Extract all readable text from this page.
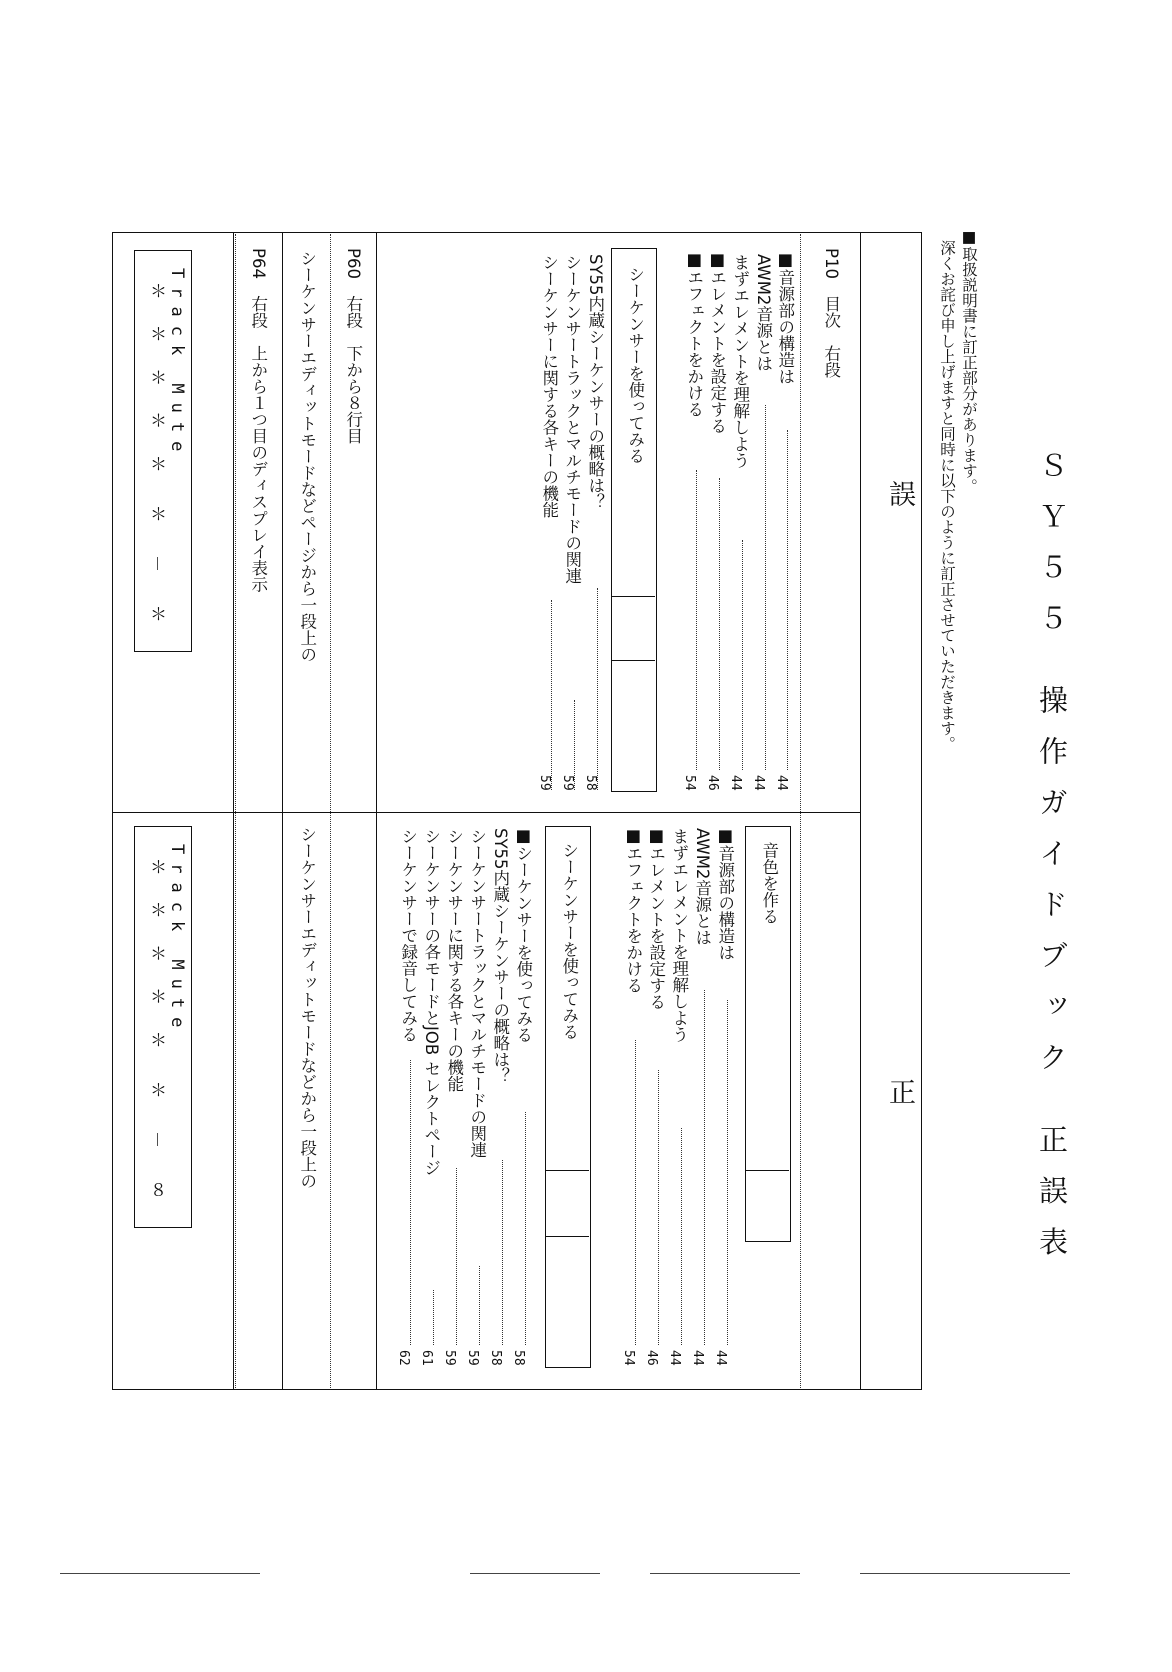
ＳＹ５５ 操作ガイドブック 正誤表
■取扱説明書に訂正部分があります。
深くお詫び申し上げますと同時に以下のように訂正させていただきます。
誤
正
P10　目次　右段
■音源部の構造は
AWM2音源とは
まずエレメントを理解しよう
■エレメントを設定する
■エフェクトをかける
44
44
44
46
54
シーケンサーを使ってみる
SY55内蔵シーケンサーの概略は？
シーケンサートラックとマルチモードの関連
シーケンサーに関する各キーの機能
58
59
59
音色を作る
■音源部の構造は
AWM2音源とは
まずエレメントを理解しよう
■エレメントを設定する
■エフェクトをかける
44
44
44
46
54
シーケンサーを使ってみる
■シーケンサーを使ってみる
SY55内蔵シーケンサーの概略は？
シーケンサートラックとマルチモードの関連
シーケンサーに関する各キーの機能
シーケンサーの各モードとJOB セレクトページ
シーケンサーで録音してみる
58
58
59
59
61
62
P60　右段　下から８行目
シーケンサーエディットモードなどページから一段上の
シーケンサーエディットモードなどから一段上の
P64　右段　上から１つ目のディスプレイ表示
Track Mute
＊ ＊ ＊ ＊ ＊　＊　－　＊
Track Mute
＊ ＊ ＊ ＊ ＊　＊　－　８
